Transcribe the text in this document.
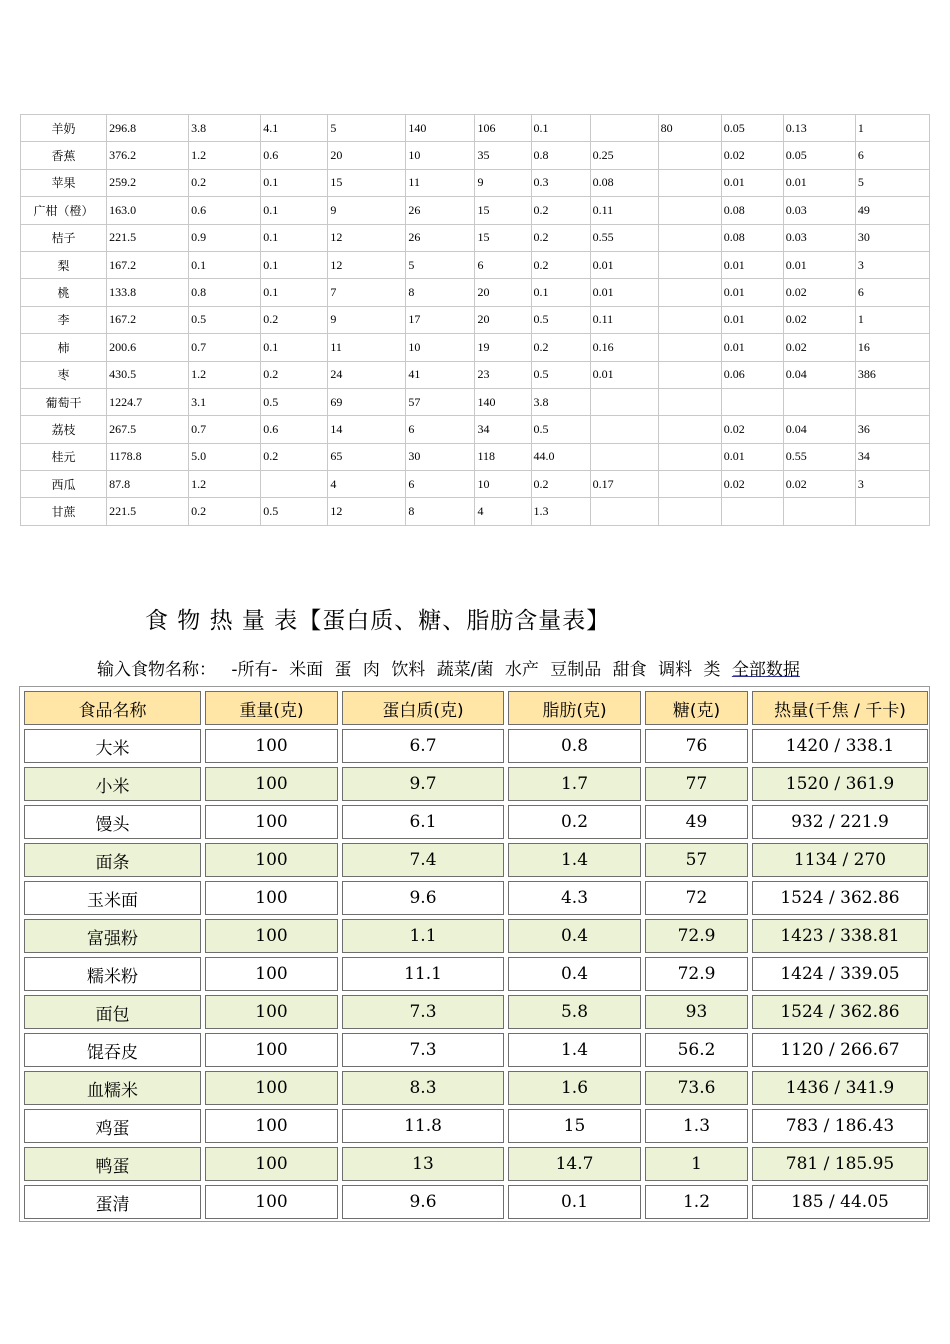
羊奶	296.8	3.8	4.1	5	140	106	0.1		80	0.05	0.13	1
香蕉	376.2	1.2	0.6	20	10	35	0.8	0.25		0.02	0.05	6
苹果	259.2	0.2	0.1	15	11	9	0.3	0.08		0.01	0.01	5
广柑（橙）	163.0	0.6	0.1	9	26	15	0.2	0.11		0.08	0.03	49
桔子	221.5	0.9	0.1	12	26	15	0.2	0.55		0.08	0.03	30
梨	167.2	0.1	0.1	12	5	6	0.2	0.01		0.01	0.01	3
桃	133.8	0.8	0.1	7	8	20	0.1	0.01		0.01	0.02	6
李	167.2	0.5	0.2	9	17	20	0.5	0.11		0.01	0.02	1
柿	200.6	0.7	0.1	11	10	19	0.2	0.16		0.01	0.02	16
枣	430.5	1.2	0.2	24	41	23	0.5	0.01		0.06	0.04	386
葡萄干	1224.7	3.1	0.5	69	57	140	3.8					
荔枝	267.5	0.7	0.6	14	6	34	0.5			0.02	0.04	36
桂元	1178.8	5.0	0.2	65	30	118	44.0			0.01	0.55	34
西瓜	87.8	1.2		4	6	10	0.2	0.17		0.02	0.02	3
甘蔗	221.5	0.2	0.5	12	8	4	1.3					
食 物 热 量 表【蛋白质、糖、脂肪含量表】
输入食物名称： -所有- 米面 蛋 肉 饮料 蔬菜/菌 水产 豆制品 甜食 调料 类 全部数据
食品名称	重量(克)	蛋白质(克)	脂肪(克)	糖(克)	热量(千焦 / 千卡)
大米	100	6.7	0.8	76	1420 / 338.1
小米	100	9.7	1.7	77	1520 / 361.9
馒头	100	6.1	0.2	49	932 / 221.9
面条	100	7.4	1.4	57	1134 / 270
玉米面	100	9.6	4.3	72	1524 / 362.86
富强粉	100	1.1	0.4	72.9	1423 / 338.81
糯米粉	100	11.1	0.4	72.9	1424 / 339.05
面包	100	7.3	5.8	93	1524 / 362.86
馄吞皮	100	7.3	1.4	56.2	1120 / 266.67
血糯米	100	8.3	1.6	73.6	1436 / 341.9
鸡蛋	100	11.8	15	1.3	783 / 186.43
鸭蛋	100	13	14.7	1	781 / 185.95
蛋清	100	9.6	0.1	1.2	185 / 44.05
